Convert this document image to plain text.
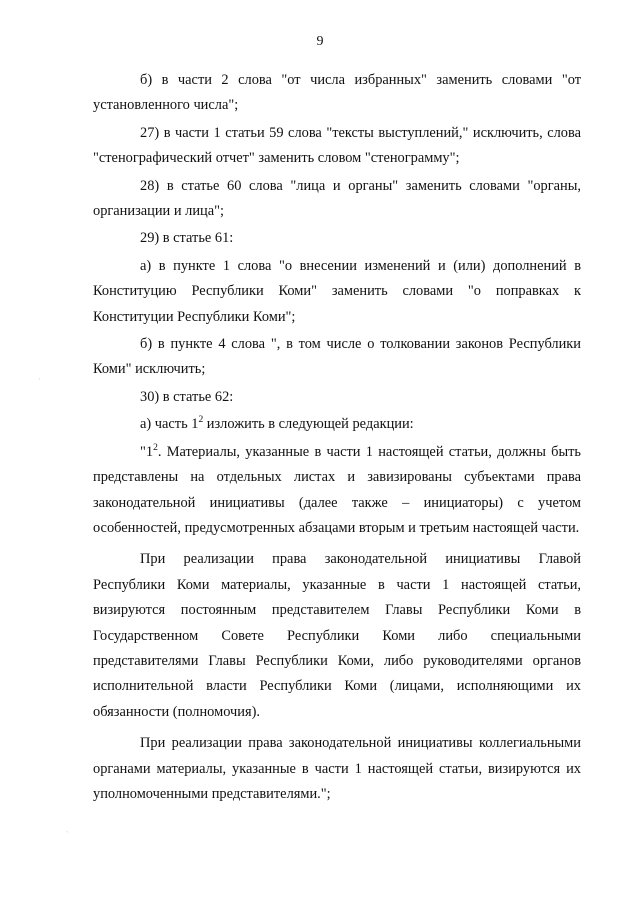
9

б) в части 2 слова "от числа избранных" заменить словами "от установленного числа";

27) в части 1 статьи 59 слова "тексты выступлений," исключить, слова "стенографический отчет" заменить словом "стенограмму";

28) в статье 60 слова "лица и органы" заменить словами "органы, организации и лица";

29) в статье 61:

а) в пункте 1 слова "о внесении изменений и (или) дополнений в Конституцию Республики Коми" заменить словами "о поправках к Конституции Республики Коми";

б) в пункте 4 слова ", в том числе о толковании законов Республики Коми" исключить;

30) в статье 62:

а) часть $1^2$ изложить в следующей редакции:

"$1^2$. Материалы, указанные в части 1 настоящей статьи, должны быть представлены на отдельных листах и завизированы субъектами права законодательной инициативы (далее также – инициаторы) с учетом особенностей, предусмотренных абзацами вторым и третьим настоящей части.

При реализации права законодательной инициативы Главой Республики Коми материалы, указанные в части 1 настоящей статьи, визируются постоянным представителем Главы Республики Коми в Государственном Совете Республики Коми либо специальными представителями Главы Республики Коми, либо руководителями органов исполнительной власти Республики Коми (лицами, исполняющими их обязанности (полномочия).

При реализации права законодательной инициативы коллегиальными органами материалы, указанные в части 1 настоящей статьи, визируются их уполномоченными представителями.";

ˑ
ˑ
